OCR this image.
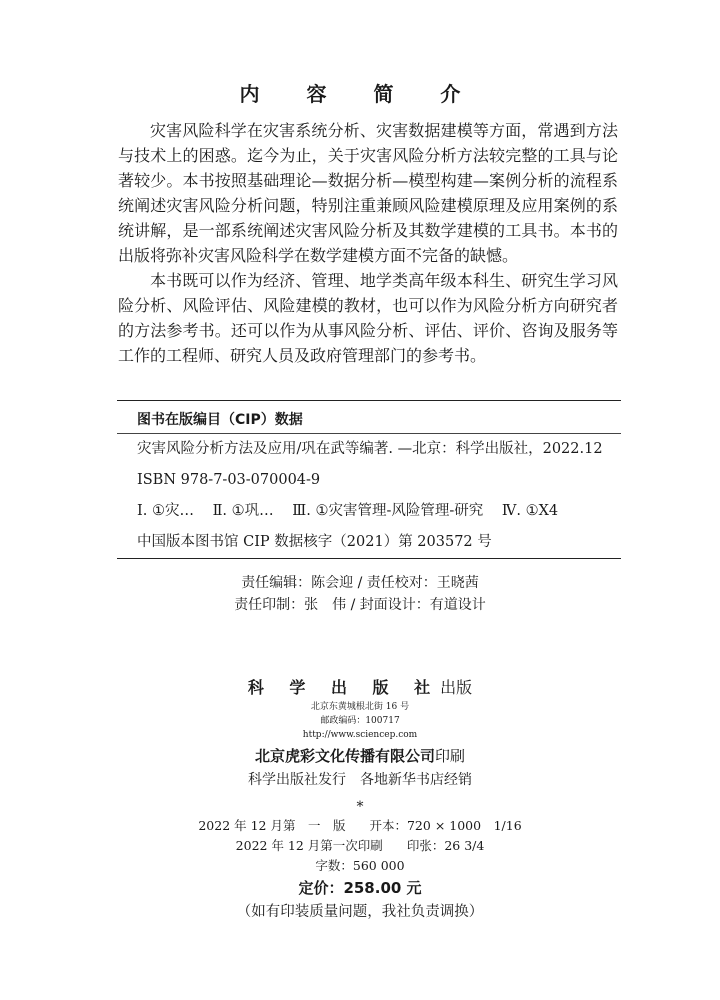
内 容 简 介

灾害风险科学在灾害系统分析、灾害数据建模等方面，常遇到方法与技术上的困惑。迄今为止，关于灾害风险分析方法较完整的工具与论著较少。本书按照基础理论—数据分析—模型构建—案例分析的流程系统阐述灾害风险分析问题，特别注重兼顾风险建模原理及应用案例的系统讲解，是一部系统阐述灾害风险分析及其数学建模的工具书。本书的出版将弥补灾害风险科学在数学建模方面不完备的缺憾。

本书既可以作为经济、管理、地学类高年级本科生、研究生学习风险分析、风险评估、风险建模的教材，也可以作为风险分析方向研究者的方法参考书。还可以作为从事风险分析、评估、评价、咨询及服务等工作的工程师、研究人员及政府管理部门的参考书。

图书在版编目（CIP）数据
灾害风险分析方法及应用/巩在武等编著. —北京：科学出版社，2022.12
ISBN 978-7-03-070004-9
Ⅰ. ①灾… Ⅱ. ①巩… Ⅲ. ①灾害管理-风险管理-研究 Ⅳ. ①X4
中国版本图书馆 CIP 数据核字（2021）第 203572 号
责任编辑：陈会迎 / 责任校对：王晓茜
责任印制：张　伟 / 封面设计：有道设计
科 学 出 版 社出版
北京东黄城根北街 16 号
邮政编码：100717
http://www.sciencep.com
北京虎彩文化传播有限公司印刷
科学出版社发行　各地新华书店经销
*
2022 年 12 月第　一　版 开本：720 × 1000　1/16
2022 年 12 月第一次印刷 印张：26 3/4
字数：560 000
定价：258.00 元
（如有印装质量问题，我社负责调换）
